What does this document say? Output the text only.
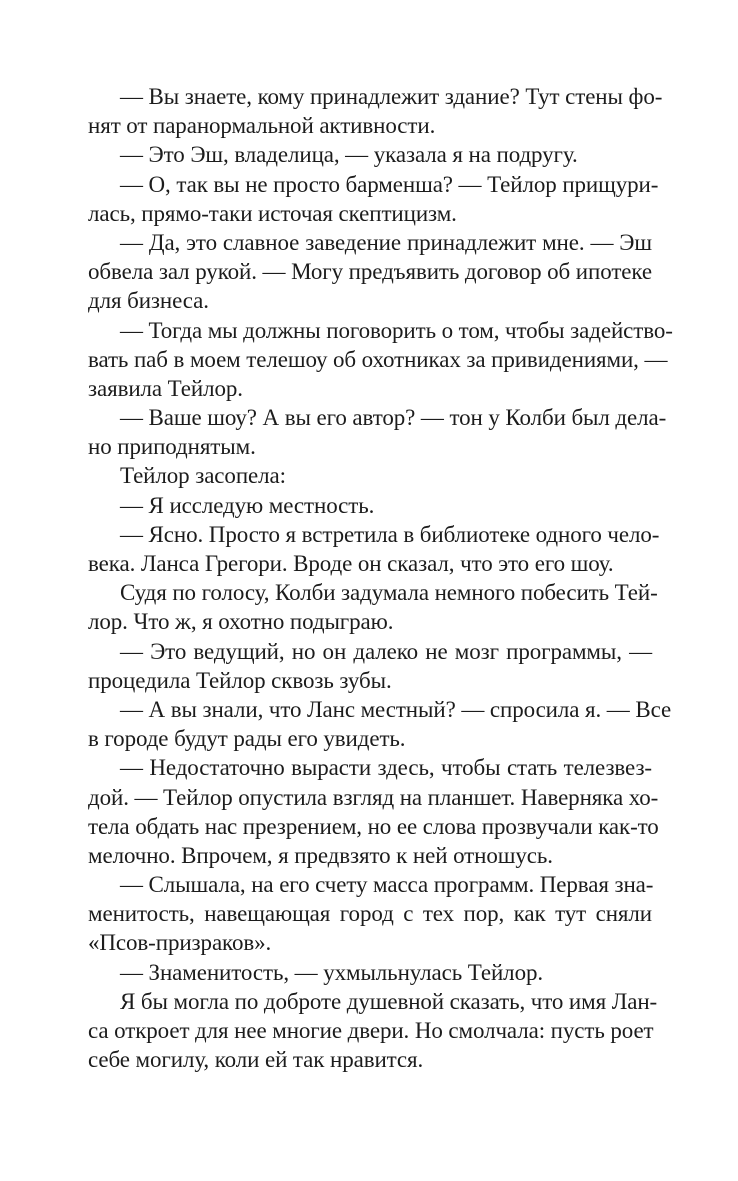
— Вы знаете, кому принадлежит здание? Тут стены фо-
нят от паранормальной активности.
— Это Эш, владелица, — указала я на подругу.
— О, так вы не просто барменша? — Тейлор прищури-
лась, прямо-таки источая скептицизм.
— Да, это славное заведение принадлежит мне. — Эш
обвела зал рукой. — Могу предъявить договор об ипотеке
для бизнеса.
— Тогда мы должны поговорить о том, чтобы задейство-
вать паб в моем телешоу об охотниках за привидениями, —
заявила Тейлор.
— Ваше шоу? А вы его автор? — тон у Колби был дела-
но приподнятым.
Тейлор засопела:
— Я исследую местность.
— Ясно. Просто я встретила в библиотеке одного чело-
века. Ланса Грегори. Вроде он сказал, что это его шоу.
Судя по голосу, Колби задумала немного побесить Тей-
лор. Что ж, я охотно подыграю.
— Это ведущий, но он далеко не мозг программы, —
процедила Тейлор сквозь зубы.
— А вы знали, что Ланс местный? — спросила я. — Все
в городе будут рады его увидеть.
— Недостаточно вырасти здесь, чтобы стать телезвез-
дой. — Тейлор опустила взгляд на планшет. Наверняка хо-
тела обдать нас презрением, но ее слова прозвучали как-то
мелочно. Впрочем, я предвзято к ней отношусь.
— Слышала, на его счету масса программ. Первая зна-
менитость, навещающая город с тех пор, как тут сняли
«Псов-призраков».
— Знаменитость, — ухмыльнулась Тейлор.
Я бы могла по доброте душевной сказать, что имя Лан-
са откроет для нее многие двери. Но смолчала: пусть роет
себе могилу, коли ей так нравится.
